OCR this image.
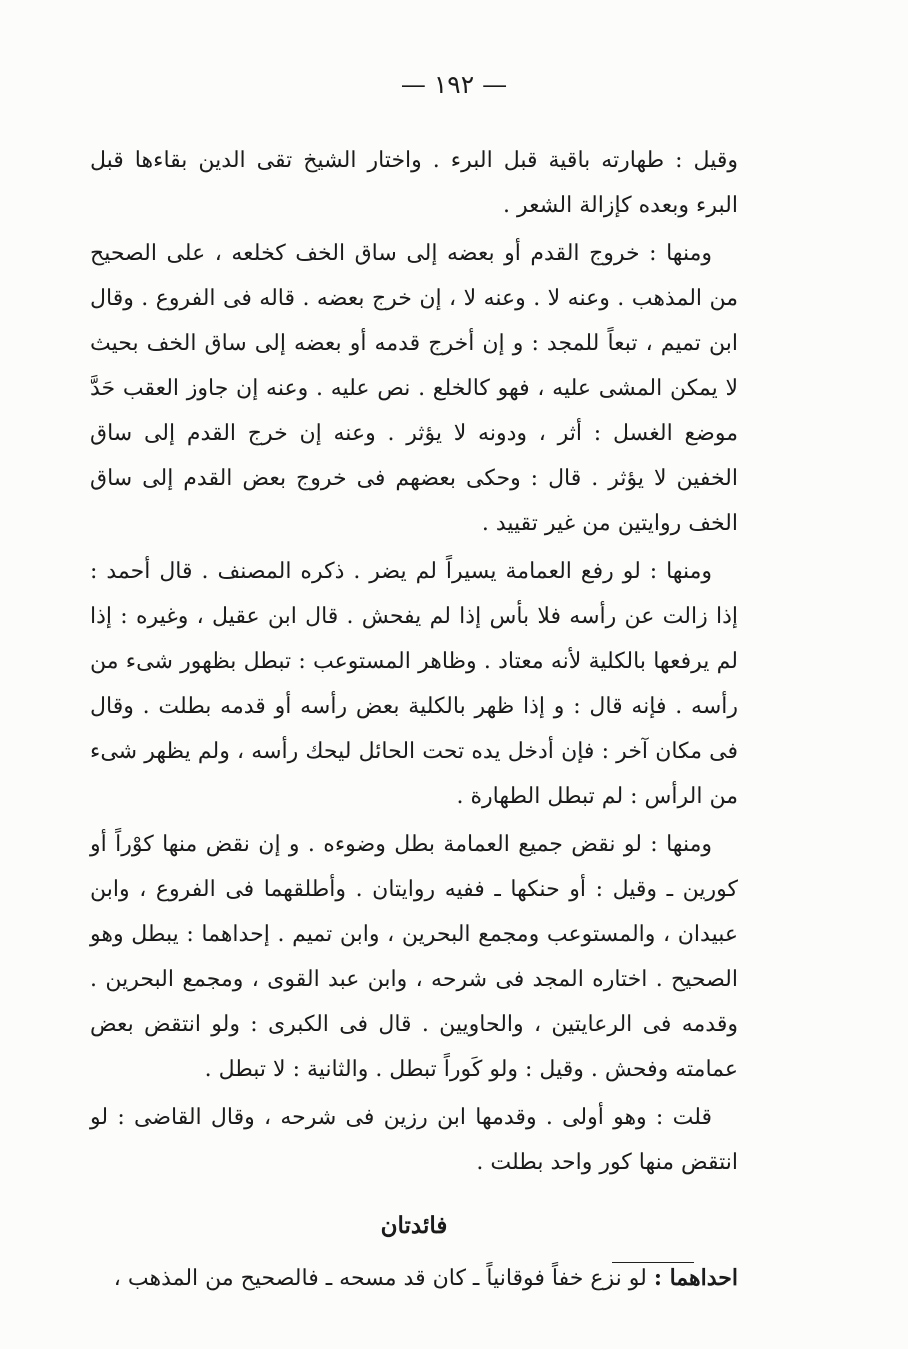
— ١٩٢ —

وقيل : طهارته باقية قبل البرء . واختار الشيخ تقى الدين بقاءها قبل البرء وبعده كإزالة الشعر .

ومنها : خروج القدم أو بعضه إلى ساق الخف كخلعه ، على الصحيح من المذهب . وعنه لا . وعنه لا ، إن خرج بعضه . قاله فى الفروع . وقال ابن تميم ، تبعاً للمجد : و إن أخرج قدمه أو بعضه إلى ساق الخف بحيث لا يمكن المشى عليه ، فهو كالخلع . نص عليه . وعنه إن جاوز العقب حَدَّ موضع الغسل : أثر ، ودونه لا يؤثر . وعنه إن خرج القدم إلى ساق الخفين لا يؤثر . قال : وحكى بعضهم فى خروج بعض القدم إلى ساق الخف روايتين من غير تقييد .

ومنها : لو رفع العمامة يسيراً لم يضر . ذكره المصنف . قال أحمد : إذا زالت عن رأسه فلا بأس إذا لم يفحش . قال ابن عقيل ، وغيره : إذا لم يرفعها بالكلية لأنه معتاد . وظاهر المستوعب : تبطل بظهور شىء من رأسه . فإنه قال : و إذا ظهر بالكلية بعض رأسه أو قدمه بطلت . وقال فى مكان آخر : فإن أدخل يده تحت الحائل ليحك رأسه ، ولم يظهر شىء من الرأس : لم تبطل الطهارة .

ومنها : لو نقض جميع العمامة بطل وضوءه . و إن نقض منها كوْراً أو كورين ـ وقيل : أو حنكها ـ ففيه روايتان . وأطلقهما فى الفروع ، وابن عبيدان ، والمستوعب ومجمع البحرين ، وابن تميم . إحداهما : يبطل وهو الصحيح . اختاره المجد فى شرحه ، وابن عبد القوى ، ومجمع البحرين . وقدمه فى الرعايتين ، والحاويين . قال فى الكبرى : ولو انتقض بعض عمامته وفحش . وقيل : ولو كَوراً تبطل . والثانية : لا تبطل .

قلت : وهو أولى . وقدمها ابن رزين فى شرحه ، وقال القاضى : لو انتقض منها كور واحد بطلت .

فائدتان

احداهما : لو نزع خفاً فوقانياً ـ كان قد مسحه ـ فالصحيح من المذهب ،
